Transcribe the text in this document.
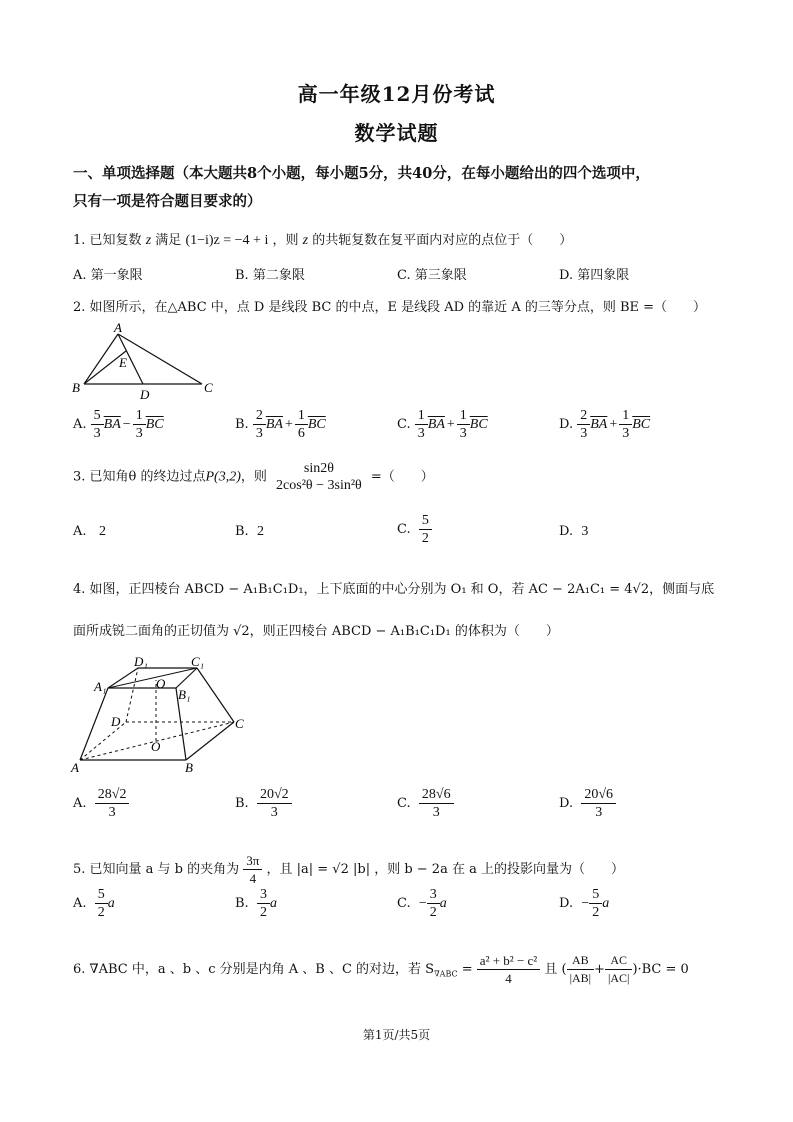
高一年级12月份考试
数学试题
一、单项选择题（本大题共8个小题，每小题5分，共40分，在每小题给出的四个选项中，
只有一项是符合题目要求的）
1. 已知复数 z 满足 (1−i)z = −4 + i ，则 z 的共轭复数在复平面内对应的点位于（　　）
A. 第一象限	B. 第二象限	C. 第三象限	D. 第四象限
2. 如图所示，在△ABC 中，点 D 是线段 BC 的中点，E 是线段 AD 的靠近 A 的三等分点，则 BE =（　　）
A
B	C
D
E
3. 已知角θ 的终边过点P(3,2)，则
sin2θ
2cos²θ − 3sin²θ
=（　　）
A. 2	B. 2	C. $\frac{5}{2}$	D. 3
4. 如图，正四棱台 ABCD − A₁B₁C₁D₁，上下底面的中心分别为 O₁ 和 O，若 AC − 2A₁C₁ = 4√2，侧面与底
面所成锐二面角的正切值为 √2，则正四棱台 ABCD − A₁B₁C₁D₁ 的体积为（　　）
A	B
C
D
A₁
B₁
C₁
D₁
O
O
5. 已知向量 a 与 b 的夹角为 $\frac{3\pi}{4}$ ，且 |a| = √2 |b| ，则 b − 2a 在 a 上的投影向量为（　　）
6. ∇ABC 中，a 、b 、c 分别是内角 A 、B 、C 的对边，若 $S_{\nabla ABC} = \frac{\text{a² + b² − c²}}{4}$ 且 ( $\frac{AB}{|AB|} + \frac{AC}{|AC|} )\cdot BC = 0$
第1页/共5页
A. $\frac{5}{3} \overline{BA} - \frac{1}{3} \overline{BC}$	B. $\frac{2}{3} \overline{BA} + \frac{1}{6} \overline{BC}$	C. $\frac{1}{3} \overline{BA} + \frac{1}{3} \overline{BC}$	D. $\frac{2}{3} \overline{BA} + \frac{1}{3} \overline{BC}$
A. $\frac{28√2}{3}$	B. $\frac{20√2}{3}$	C. $\frac{28√6}{3}$	D. $\frac{20√6}{3}$
A. $\frac{5}{2}$ a	B. $\frac{3}{2}$ a	C. − $\frac{3}{2}$ a	D. − $\frac{5}{2}$ a
